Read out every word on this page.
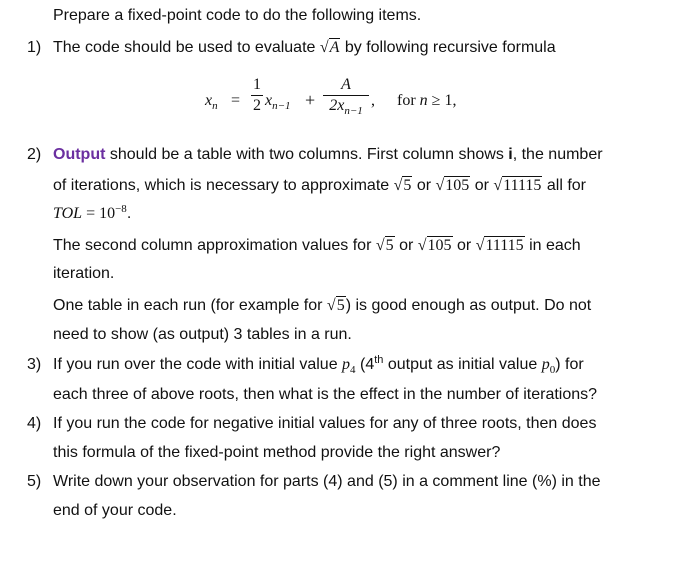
Prepare a fixed-point code to do the following items.
1) The code should be used to evaluate √A by following recursive formula
$x_n$ =
1
2 $x_{n-1}$ +
A
$2x_{n-1}$
, for n ≥ 1,
2) Output should be a table with two columns. First column shows i, the number
of iterations, which is necessary to approximate √5 or √105 or √11115 all for
TOL = $10^{-8}$.
The second column approximation values for √5 or √105 or √11115 in each
iteration.
One table in each run (for example for √5) is good enough as output. Do not
need to show (as output) 3 tables in a run.
3) If you run over the code with initial value $p_4$ (4th output as initial value $p_0$) for
each three of above roots, then what is the effect in the number of iterations?
4) If you run the code for negative initial values for any of three roots, then does
this formula of the fixed-point method provide the right answer?
5) Write down your observation for parts (4) and (5) in a comment line (%) in the
end of your code.
